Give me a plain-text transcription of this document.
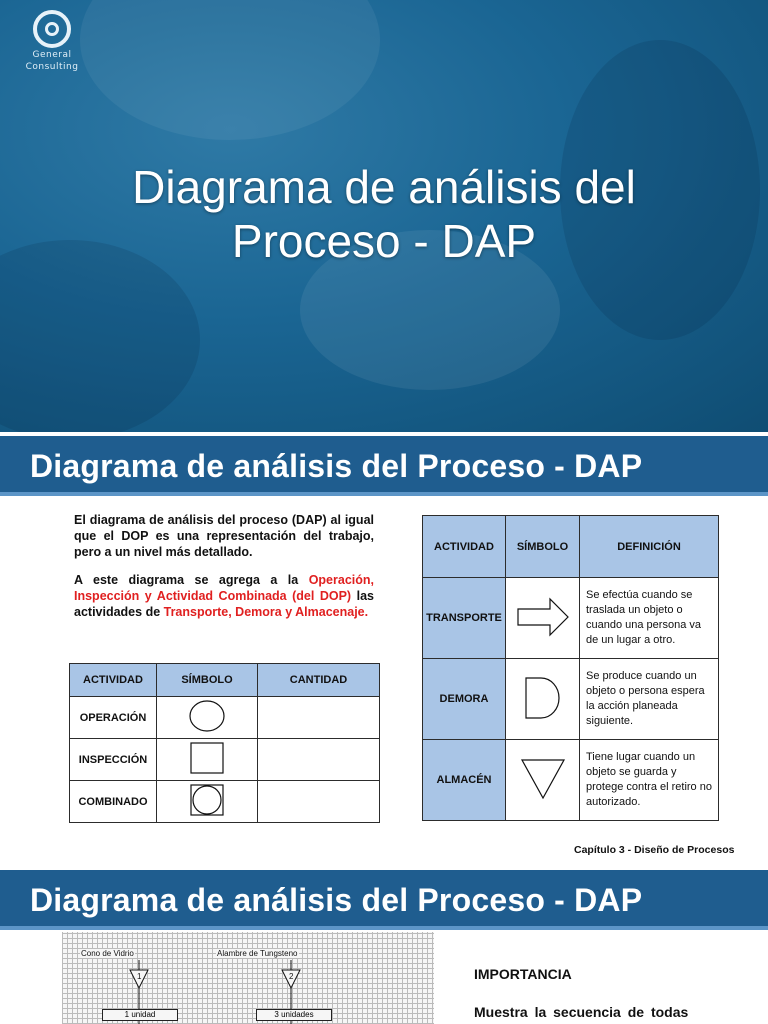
General
Consulting
Diagrama de análisis del
Proceso - DAP
Diagrama de análisis del Proceso - DAP

El diagrama de análisis del proceso (DAP) al igual que el DOP es una representación del trabajo, pero a un nivel más detallado.

A este diagrama se agrega a la Operación, Inspección y Actividad Combinada (del DOP) las actividades de Transporte, Demora y Almacenaje.

ACTIVIDAD	SÍMBOLO	CANTIDAD
OPERACIÓN		
INSPECCIÓN		
COMBINADO		
ACTIVIDAD	SÍMBOLO	DEFINICIÓN
TRANSPORTE		Se efectúa cuando se traslada un objeto o cuando una persona va de un lugar a otro.
DEMORA		Se produce cuando un objeto o persona espera la acción planeada siguiente.
ALMACÉN		Tiene lugar cuando un objeto se guarda y protege contra el retiro no autorizado.
Capítulo 3 - Diseño de Procesos
Diagrama de análisis del Proceso - DAP
Cono de Vidrio	Alambre de Tungsteno
1	2
1 unidad	3 unidades
IMPORTANCIA
Muestra la secuencia de todas
